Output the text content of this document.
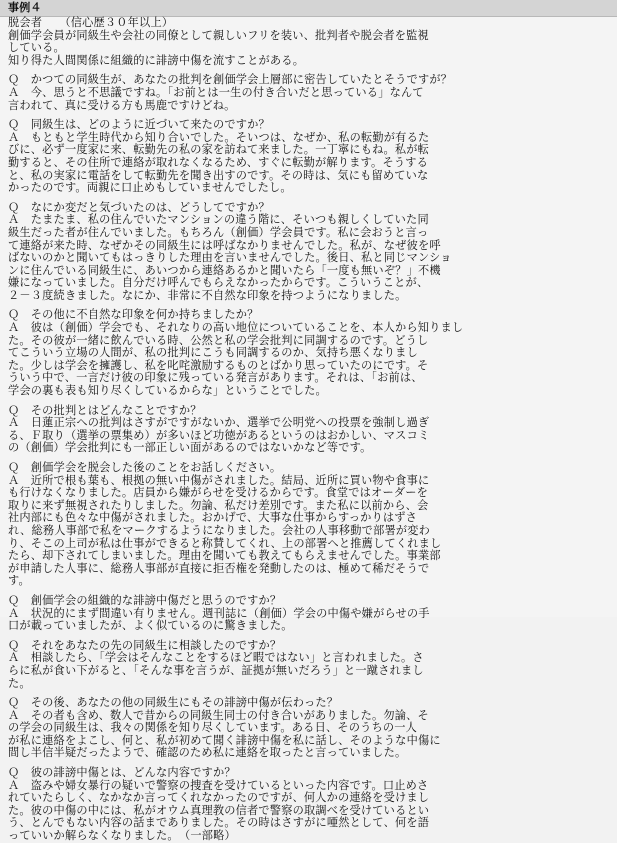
事例４
脱会者　　（信心歴３０年以上）
創価学会員が同級生や会社の同僚として親しいフリを装い、批判者や脱会者を監視
している。
知り得た人間関係に組織的に誹謗中傷を流すことがある。
Ｑ　かつての同級生が、あなたの批判を創価学会上層部に密告していたとそうですが？
Ａ　今、思うと不思議ですね。「お前とは一生の付き合いだと思っている」なんて
言われて、真に受ける方も馬鹿ですけどね。
Ｑ　同級生は、どのように近づいて来たのですか？
Ａ　もともと学生時代から知り合いでした。そいつは、なぜか、私の転勤が有るた
びに、必ず一度家に来、転勤先の私の家を訪ねて来ました。一丁寧にもね。私が転
勤すると、その住所で連絡が取れなくなるため、すぐに転勤が解ります。そうする
と、私の実家に電話をして転勤先を聞き出すのです。その時は、気にも留めていな
かったのです。両親に口止めもしていませんでしたし。
Ｑ　なにか変だと気づいたのは、どうしてですか？
Ａ　たまたま、私の住んでいたマンションの違う階に、そいつも親しくしていた同
級生だった者が住んでいました。もちろん（創価）学会員です。私に会おうと言っ
て連絡が来た時、なぜかその同級生には呼ばなかりませんでした。私が、なぜ彼を呼
ばないのかと聞いてもはっきりした理由を言いませんでした。後日、私と同じマンショ
ンに住んでいる同級生に、あいつから連絡あるかと聞いたら「一度も無いぞ？」不機
嫌になっていました。自分だけ呼んでもらえなかったからです。こういうことが、
２－３度続きました。なにか、非常に不自然な印象を持つようになりました。
Ｑ　その他に不自然な印象を何か持ちましたか？
Ａ　彼は（創価）学会でも、それなりの高い地位についていることを、本人から知りまし
た。その彼が一緒に飲んでいる時、公然と私の学会批判に同調するのです。どうし
てこういう立場の人間が、私の批判にこうも同調するのか、気持ち悪くなりまし
た。少しは学会を擁護し、私を叱咤激励するものとばかり思っていたのにです。そ
ういう中で、一言だけ彼の印象に残っている発言があります。それは、「お前は、
学会の裏も表も知り尽くしているからな」ということでした。
Ｑ　その批判とはどんなことですか？
Ａ　日蓮正宗への批判はさすがですがないか、選挙で公明党への投票を強制し過ぎ
る、Ｆ取り（選挙の票集め）が多いほど功徳があるというのはおかしい、マスコミ
の（創価）学会批判にも一部正しい面があるのではないかなど等です。
Ｑ　創価学会を脱会した後のことをお話しください。
Ａ　近所で根も葉も、根拠の無い中傷がされました。結局、近所に買い物や食事に
も行けなくなりました。店員から嫌がらせを受けるからです。食堂ではオーダーを
取りに来ず無視されたりしました。勿論、私だけ差別です。また私に以前から、会
社内部にも色々な中傷がされました。おかげで、大事な仕事からすっかりはずさ
れ、総務人事部で私をマークするようになりました。会社の人事移動で部署が変わ
り、そこの上司が私は仕事ができると称賛してくれ、上の部署へと推薦してくれまし
たら、却下されてしまいました。理由を聞いても教えてもらえませんでした。事業部
が申請した人事に、総務人事部が直接に拒否権を発動したのは、極めて稀だそうで
す。
Ｑ　創価学会の組織的な誹謗中傷だと思うのですか？
Ａ　状況的にまず間違い有りません。週刊誌に（創価）学会の中傷や嫌がらせの手
口が載っていましたが、よく似ているのに驚きました。
Ｑ　それをあなたの先の同級生に相談したのですか？
Ａ　相談したら、「学会はそんなことをするほど暇ではない」と言われました。さ
らに私が食い下がると、「そんな事を言うが、証拠が無いだろう」と一蹴されまし
た。
Ｑ　その後、あなたの他の同級生にもその誹謗中傷が伝わった？
Ａ　その者も含め、数人で昔からの同級生同士の付き合いがありました。勿論、そ
の学会の同級生は、我々の関係を知り尽くしています。ある日、そのうちの一人
が私に連絡をよこし、何と、私が初めて聞く誹謗中傷を私に話し、そのような中傷に
間し半信半疑だったようで、確認のため私に連絡を取ったと言っていました。
Ｑ　彼の誹謗中傷とは、どんな内容ですか？
Ａ　盗みや婦女暴行の疑いで警察の捜査を受けているといった内容です。口止めさ
れていたらしく、なかなか言ってくれなかったのですが、何人かの連絡を受けまし
た。彼の中傷の中には、私がオウム真理教の信者で警察の取調べを受けているとい
う、とんでもない内容の話までありました。その時はさすがに唖然として、何を語
っていいか解らなくなりました。　（一部略）
